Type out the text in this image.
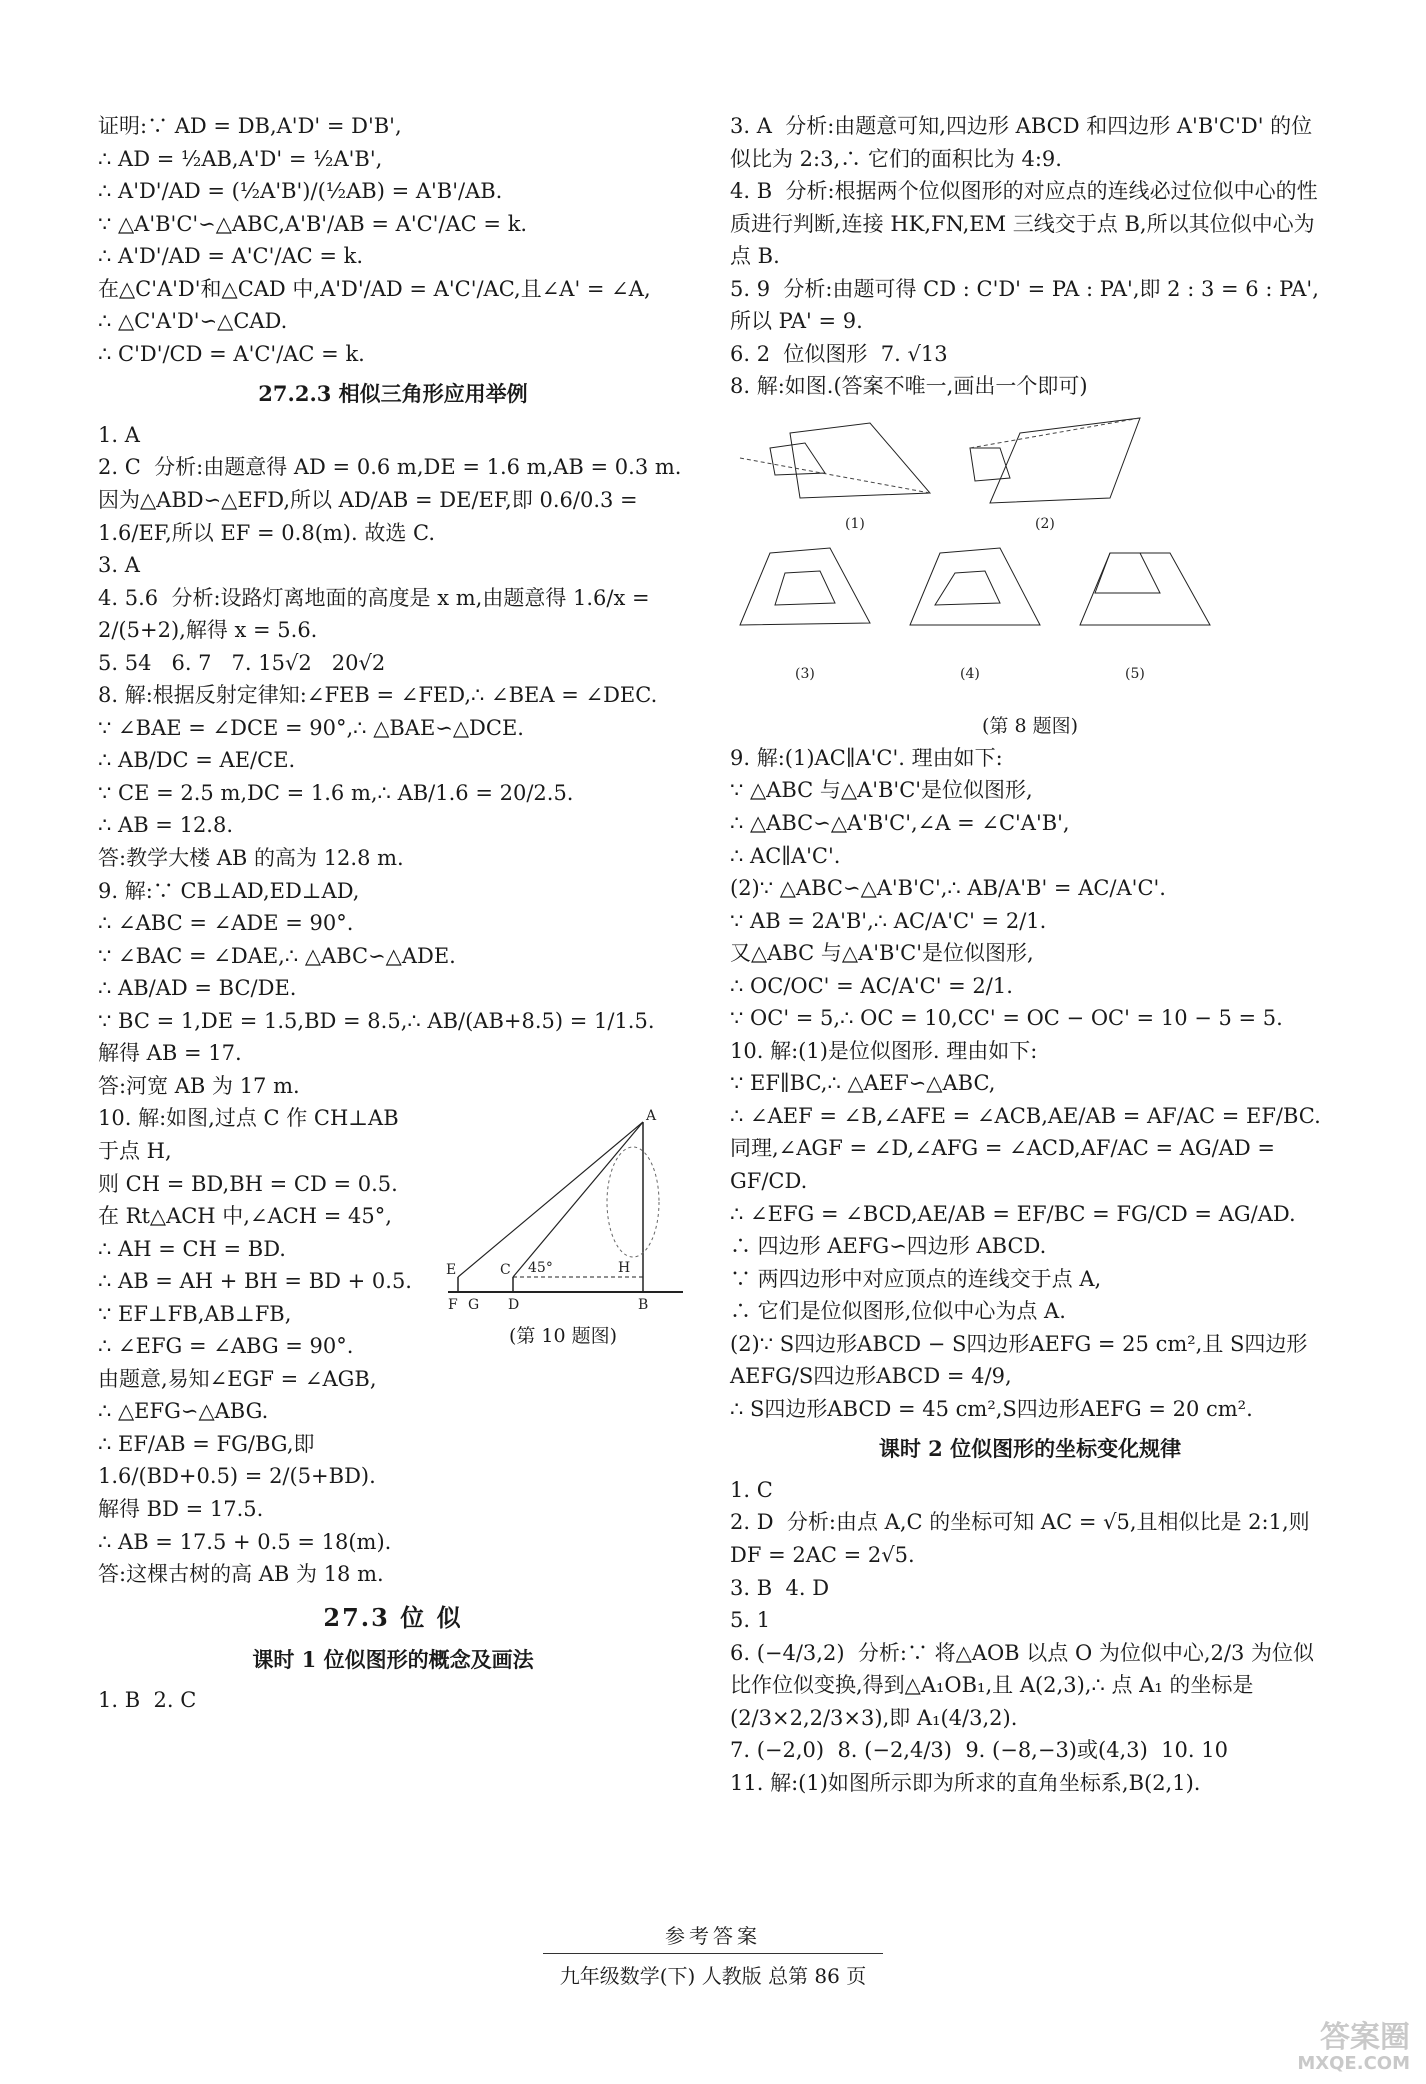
证明:∵ AD = DB,A'D' = D'B',
∴ AD = ½AB,A'D' = ½A'B',
∴ A'D'/AD = (½A'B')/(½AB) = A'B'/AB.
∵ △A'B'C'∽△ABC,A'B'/AB = A'C'/AC = k.
∴ A'D'/AD = A'C'/AC = k.
在△C'A'D'和△CAD 中,A'D'/AD = A'C'/AC,且∠A' = ∠A,
∴ △C'A'D'∽△CAD.
∴ C'D'/CD = A'C'/AC = k.
27.2.3 相似三角形应用举例
1. A
2. C  分析:由题意得 AD = 0.6 m,DE = 1.6 m,AB = 0.3 m. 因为△ABD∽△EFD,所以 AD/AB = DE/EF,即 0.6/0.3 = 1.6/EF,所以 EF = 0.8(m). 故选 C.
3. A
4. 5.6  分析:设路灯离地面的高度是 x m,由题意得 1.6/x = 2/(5+2),解得 x = 5.6.
5. 54   6. 7   7. 15√2   20√2
8. 解:根据反射定律知:∠FEB = ∠FED,∴ ∠BEA = ∠DEC.
∵ ∠BAE = ∠DCE = 90°,∴ △BAE∽△DCE.
∴ AB/DC = AE/CE.
∵ CE = 2.5 m,DC = 1.6 m,∴ AB/1.6 = 20/2.5.
∴ AB = 12.8.
答:教学大楼 AB 的高为 12.8 m.
9. 解:∵ CB⊥AD,ED⊥AD,
∴ ∠ABC = ∠ADE = 90°.
∵ ∠BAC = ∠DAE,∴ △ABC∽△ADE.
∴ AB/AD = BC/DE.
∵ BC = 1,DE = 1.5,BD = 8.5,∴ AB/(AB+8.5) = 1/1.5.
解得 AB = 17.
答:河宽 AB 为 17 m.
10. 解:如图,过点 C 作 CH⊥AB
于点 H,
则 CH = BD,BH = CD = 0.5.
在 Rt△ACH 中,∠ACH = 45°,
∴ AH = CH = BD.
∴ AB = AH + BH = BD + 0.5.
∵ EF⊥FB,AB⊥FB,
∴ ∠EFG = ∠ABG = 90°.
由题意,易知∠EGF = ∠AGB,
∴ △EFG∽△ABG.
∴ EF/AB = FG/BG,即 1.6/(BD+0.5) = 2/(5+BD).
解得 BD = 17.5.
∴ AB = 17.5 + 0.5 = 18(m).
答:这棵古树的高 AB 为 18 m.
A
E	C 45°	H
F G D	B
(第 10 题图)
27.3 位 似
课时 1 位似图形的概念及画法
1. B  2. C
3. A  分析:由题意可知,四边形 ABCD 和四边形 A'B'C'D' 的位似比为 2:3,∴ 它们的面积比为 4:9.
4. B  分析:根据两个位似图形的对应点的连线必过位似中心的性质进行判断,连接 HK,FN,EM 三线交于点 B,所以其位似中心为点 B.
5. 9  分析:由题可得 CD : C'D' = PA : PA',即 2 : 3 = 6 : PA',所以 PA' = 9.
6. 2  位似图形  7. √13
8. 解:如图.(答案不唯一,画出一个即可)
(1)	(2)
(3)	(4)	(5)
(第 8 题图)
9. 解:(1)AC∥A'C'. 理由如下:
∵ △ABC 与△A'B'C'是位似图形,
∴ △ABC∽△A'B'C',∠A = ∠C'A'B',
∴ AC∥A'C'.
(2)∵ △ABC∽△A'B'C',∴ AB/A'B' = AC/A'C'.
∵ AB = 2A'B',∴ AC/A'C' = 2/1.
又△ABC 与△A'B'C'是位似图形,
∴ OC/OC' = AC/A'C' = 2/1.
∵ OC' = 5,∴ OC = 10,CC' = OC − OC' = 10 − 5 = 5.
10. 解:(1)是位似图形. 理由如下:
∵ EF∥BC,∴ △AEF∽△ABC,
∴ ∠AEF = ∠B,∠AFE = ∠ACB,AE/AB = AF/AC = EF/BC.
同理,∠AGF = ∠D,∠AFG = ∠ACD,AF/AC = AG/AD = GF/CD.
∴ ∠EFG = ∠BCD,AE/AB = EF/BC = FG/CD = AG/AD.
∴ 四边形 AEFG∽四边形 ABCD.
∵ 两四边形中对应顶点的连线交于点 A,
∴ 它们是位似图形,位似中心为点 A.
(2)∵ S四边形ABCD − S四边形AEFG = 25 cm²,且 S四边形AEFG/S四边形ABCD = 4/9,
∴ S四边形ABCD = 45 cm²,S四边形AEFG = 20 cm².
课时 2 位似图形的坐标变化规律
1. C
2. D  分析:由点 A,C 的坐标可知 AC = √5,且相似比是 2:1,则 DF = 2AC = 2√5.
3. B  4. D
5. 1
6. (−4/3,2)  分析:∵ 将△AOB 以点 O 为位似中心,2/3 为位似比作位似变换,得到△A₁OB₁,且 A(2,3),∴ 点 A₁ 的坐标是 (2/3×2,2/3×3),即 A₁(4/3,2).
7. (−2,0)  8. (−2,4/3)  9. (−8,−3)或(4,3)  10. 10
11. 解:(1)如图所示即为所求的直角坐标系,B(2,1).
参考答案
九年级数学(下) 人教版 总第 86 页
答案圈
MXQE.COM
